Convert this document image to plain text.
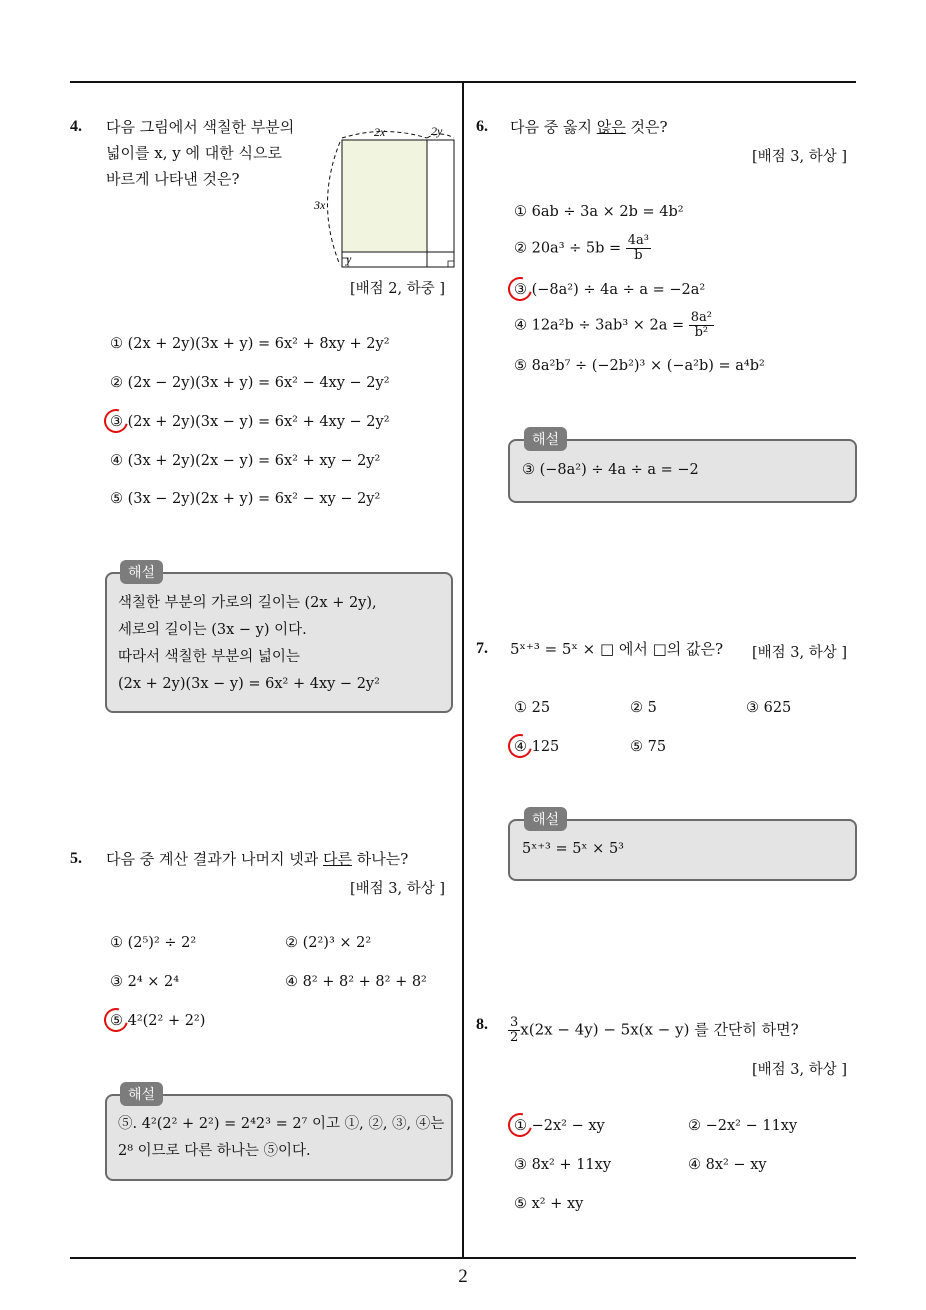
4. 다음 그림에서 색칠한 부분의
넓이를 x, y 에 대한 식으로
바르게 나타낸 것은?
2x	2y
3x
y
[배점 2, 하중 ]
① (2x + 2y)(3x + y) = 6x² + 8xy + 2y²
② (2x − 2y)(3x + y) = 6x² − 4xy − 2y²
③ (2x + 2y)(3x − y) = 6x² + 4xy − 2y²
④ (3x + 2y)(2x − y) = 6x² + xy − 2y²
⑤ (3x − 2y)(2x + y) = 6x² − xy − 2y²
해설
색칠한 부분의 가로의 길이는 (2x + 2y),
세로의 길이는 (3x − y) 이다.
따라서 색칠한 부분의 넓이는
(2x + 2y)(3x − y) = 6x² + 4xy − 2y²
5. 다음 중 계산 결과가 나머지 넷과 다른 하나는?
[배점 3, 하상 ]
① (2⁵)² ÷ 2²	② (2²)³ × 2²
③ 2⁴ × 2⁴	④ 8² + 8² + 8² + 8²
⑤ 4²(2² + 2²)
해설
⑤. 4²(2² + 2²) = 2⁴2³ = 2⁷ 이고 ①, ②, ③, ④는
2⁸ 이므로 다른 하나는 ⑤이다.
6. 다음 중 옳지 않은 것은?
[배점 3, 하상 ]
① 6ab ÷ 3a × 2b = 4b²
② $20a^3 \div 5b = \frac{\text{4a³}}{b}$
③ (−8a²) ÷ 4a ÷ a = −2a²
④ $12a^2b \div 3ab^3 \times 2a = \frac{\text{8a²}}{\text{b²}}$
⑤ 8a²b⁷ ÷ (−2b²)³ × (−a²b) = a⁴b²
해설
③ (−8a²) ÷ 4a ÷ a = −2
7. 5ˣ⁺³ = 5ˣ × □ 에서 □의 값은? [배점 3, 하상 ]
① 25	② 5	③ 625
④ 125	⑤ 75
해설
5ˣ⁺³ = 5ˣ × 5³
8. $\frac{3}{2} x(2x - 4y) - 5x(x - y)$ 를 간단히 하면?
[배점 3, 하상 ]
① −2x² − xy	② −2x² − 11xy
③ 8x² + 11xy	④ 8x² − xy
⑤ x² + xy
2
